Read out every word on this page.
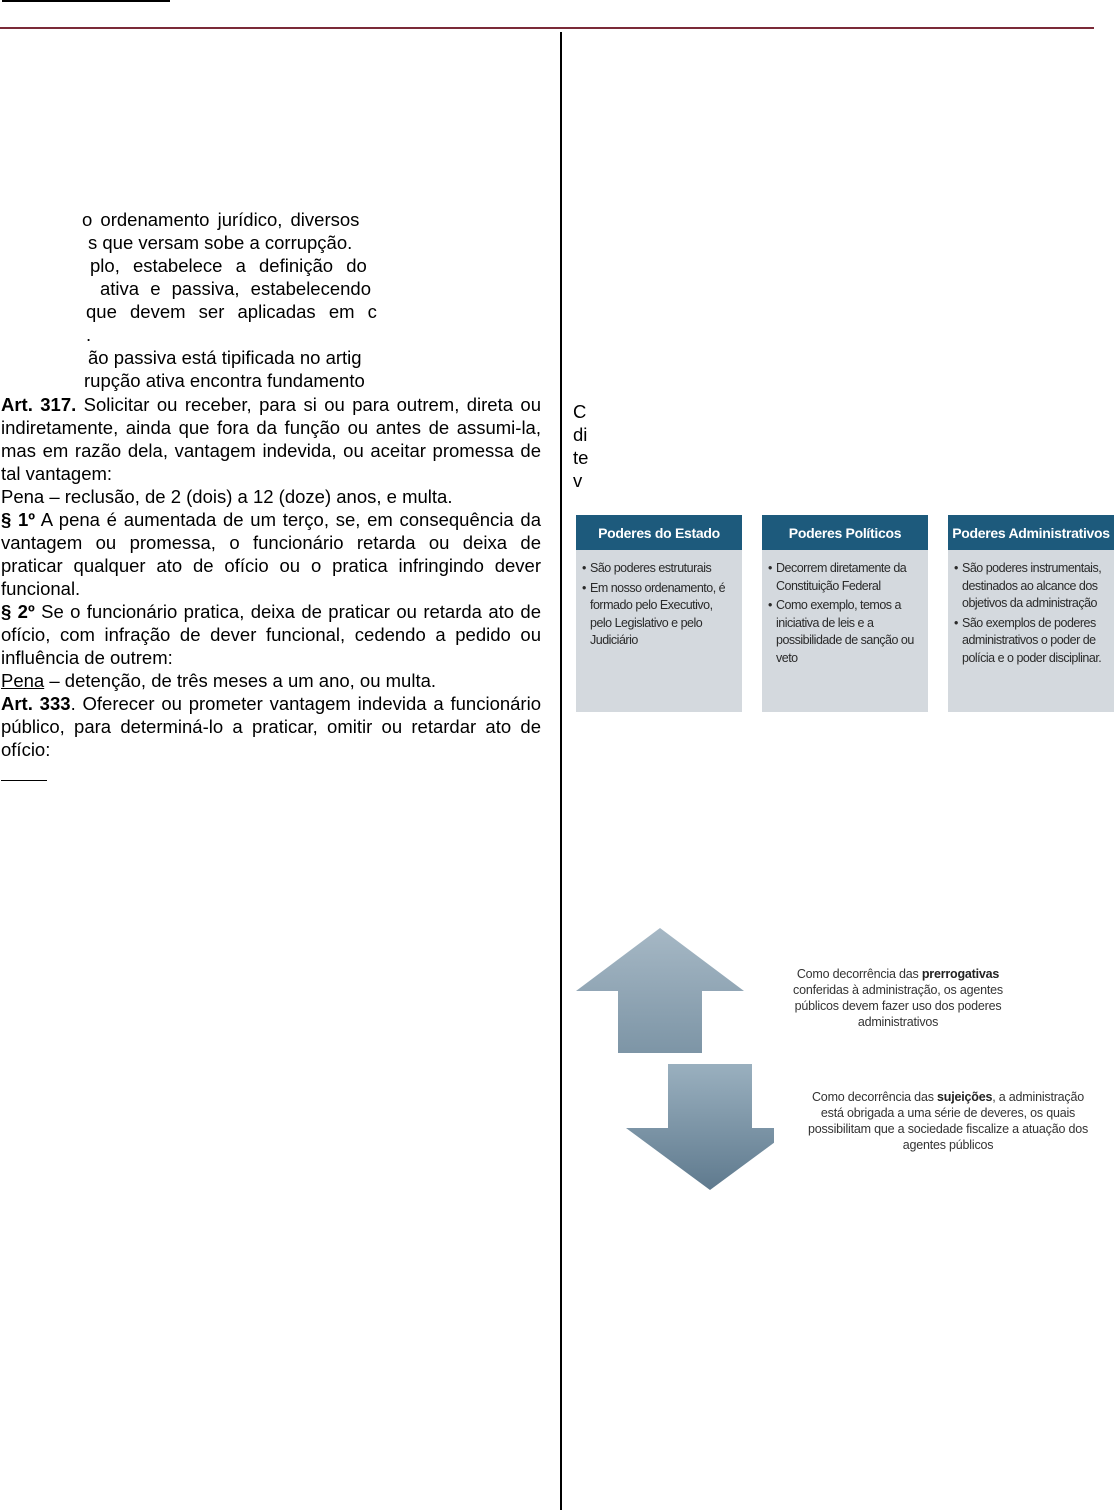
o ordenamento jurídico, diversos
s que versam sobe a corrupção.
plo, estabelece a definição do
ativa e passiva, estabelecendo
que devem ser aplicadas em c
.
ão passiva está tipificada no artig
rupção ativa encontra fundamento

Art. 317. Solicitar ou receber, para si ou para outrem, direta ou indiretamente, ainda que fora da função ou antes de assumi-la, mas em razão dela, vantagem indevida, ou aceitar promessa de tal vantagem:

Pena – reclusão, de 2 (dois) a 12 (doze) anos, e multa.

§ 1º A pena é aumentada de um terço, se, em consequência da vantagem ou promessa, o funcionário retarda ou deixa de praticar qualquer ato de ofício ou o pratica infringindo dever funcional.

§ 2º Se o funcionário pratica, deixa de praticar ou retarda ato de ofício, com infração de dever funcional, cedendo a pedido ou influência de outrem:

Pena – detenção, de três meses a um ano, ou multa.

Art. 333. Oferecer ou prometer vantagem indevida a funcionário público, para determiná-lo a praticar, omitir ou retardar ato de ofício:

C
di
te
v
Poderes do Estado
• São poderes estruturais
• Em nosso ordenamento, é formado pelo Executivo, pelo Legislativo e pelo Judiciário
Poderes Políticos
• Decorrem diretamente da Constituição Federal
• Como exemplo, temos a iniciativa de leis e a possibilidade de sanção ou veto
Poderes Administrativos
• São poderes instrumentais, destinados ao alcance dos objetivos da administração
• São exemplos de poderes administrativos o poder de polícia e o poder disciplinar.
Como decorrência das prerrogativas conferidas à administração, os agentes públicos devem fazer uso dos poderes administrativos
Como decorrência das sujeições, a administração está obrigada a uma série de deveres, os quais possibilitam que a sociedade fiscalize a atuação dos agentes públicos
